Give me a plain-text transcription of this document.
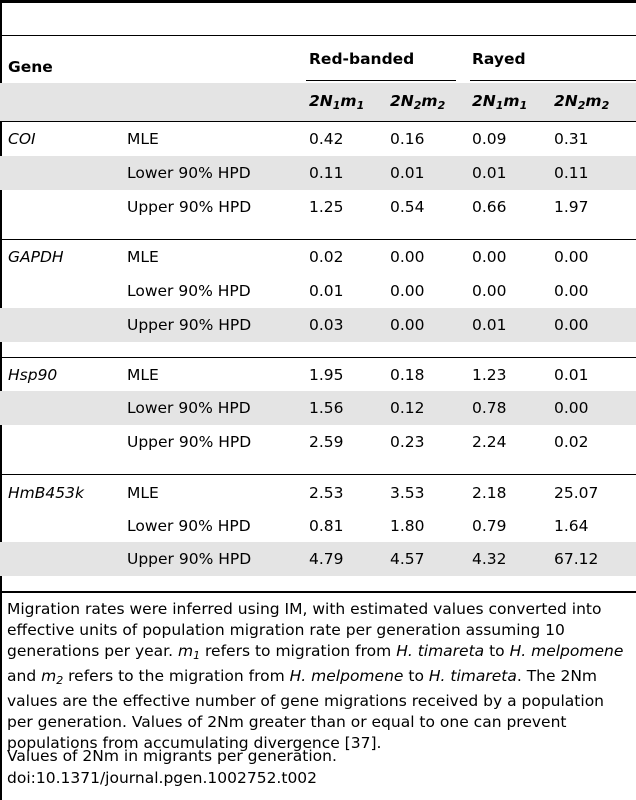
Gene	Red-banded	Rayed
$2N_1m_1$ $2N_2m_2$ $2N_1m_1$ $2N_2m_2$
COI	MLE	0.42	0.16	0.09	0.31
Lower 90% HPD	0.11	0.01	0.01	0.11
Upper 90% HPD	1.25	0.54	0.66	1.97
GAPDH	MLE	0.02	0.00	0.00	0.00
Lower 90% HPD	0.01	0.00	0.00	0.00
Upper 90% HPD	0.03	0.00	0.01	0.00
Hsp90	MLE	1.95	0.18	1.23	0.01
Lower 90% HPD	1.56	0.12	0.78	0.00
Upper 90% HPD	2.59	0.23	2.24	0.02
HmB453k	MLE	2.53	3.53	2.18	25.07
Lower 90% HPD	0.81	1.80	0.79	1.64
Upper 90% HPD	4.79	4.57	4.32	67.12
Migration rates were inferred using IM, with estimated values converted into effective units of population migration rate per generation assuming 10 generations per year. $m_1$ refers to migration from H. timareta to H. melpomene and $m_2$ refers to the migration from H. melpomene to H. timareta. The 2Nm values are the effective number of gene migrations received by a population per generation. Values of 2Nm greater than or equal to one can prevent populations from accumulating divergence [37].
Values of 2Nm in migrants per generation.
doi:10.1371/journal.pgen.1002752.t002
